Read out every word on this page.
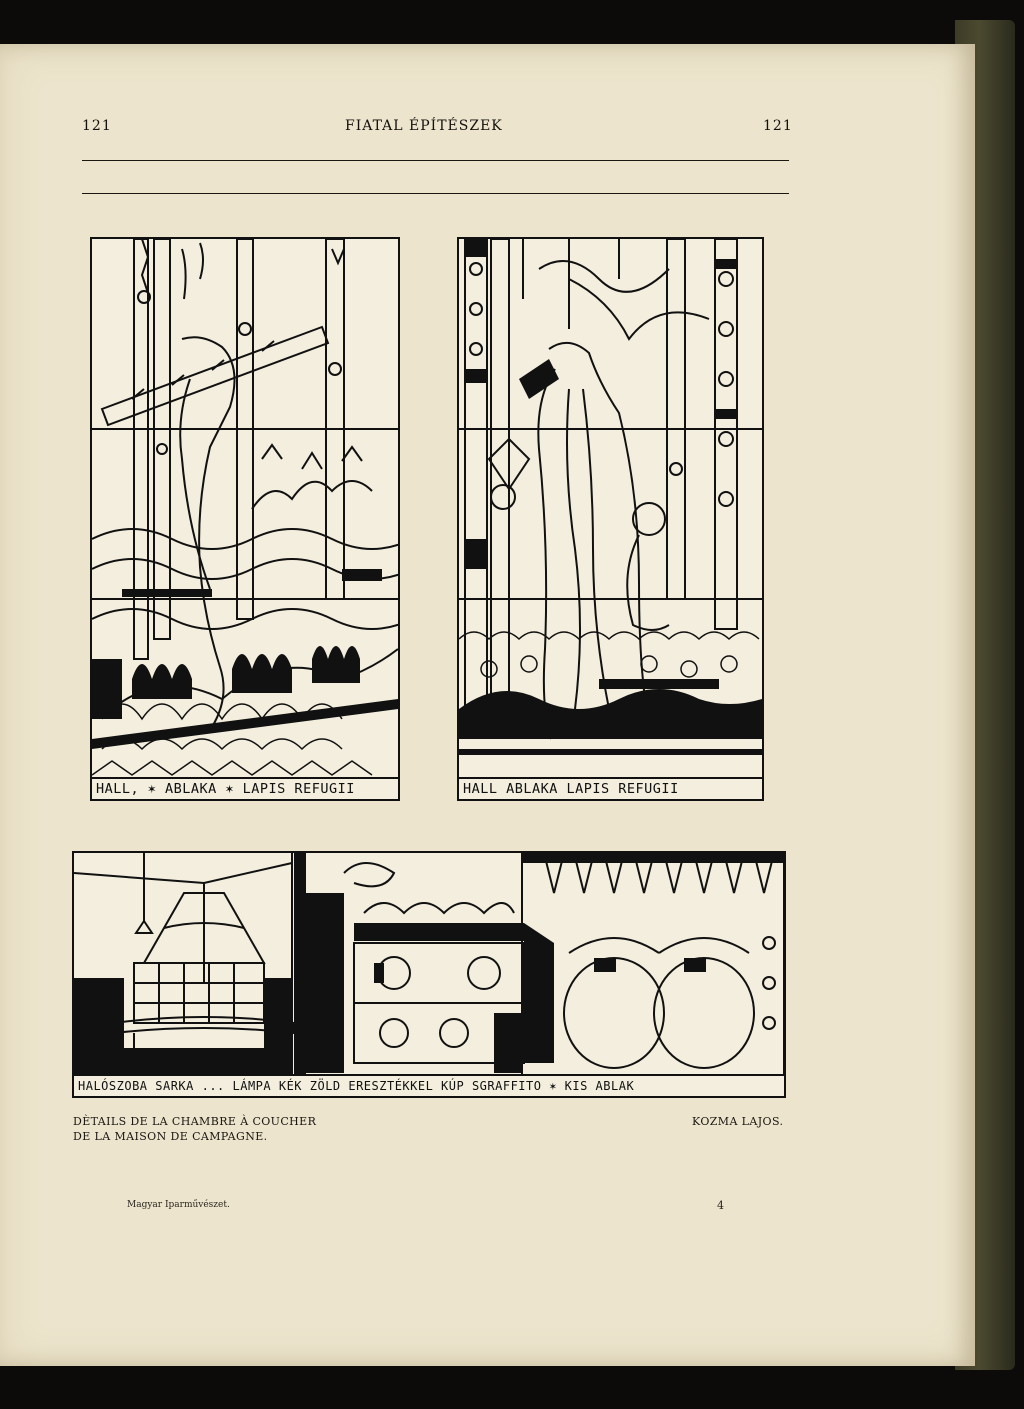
121	FIATAL ÉPÍTÉSZEK	121
HALL, ✶ ABLAKA ✶ LAPIS REFUGII	HALL ABLAKA LAPIS REFUGII
HALÓSZOBA SARKA ... LÁMPA KÉK ZÖLD ERESZTÉKKEL KÚP SGRAFFITO ✶ KIS ABLAK
DÈTAILS DE LA CHAMBRE À COUCHER
DE LA MAISON DE CAMPAGNE.
KOZMA LAJOS.
Magyar Iparművészet.	4
